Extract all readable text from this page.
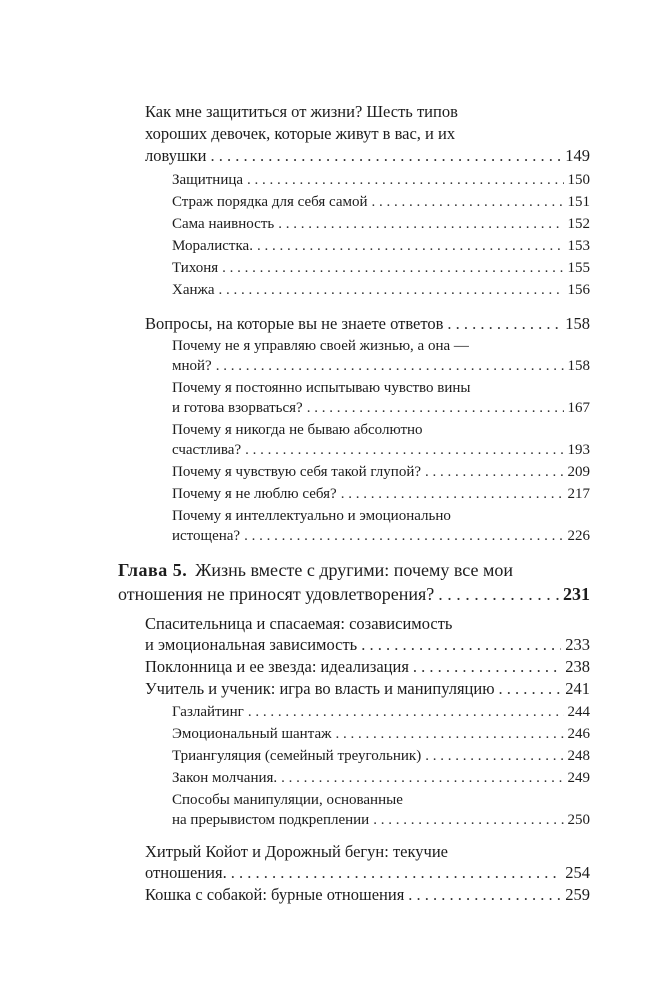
Как мне защититься от жизни? Шесть типов
хороших девочек, которые живут в вас, и их
ловушки . . .	149
Защитница . . .	150
Страж порядка для себя самой . . .	151
Сама наивность . . .	152
Моралистка. . . .	153
Тихоня . . .	155
Ханжа . . .	156
Вопросы, на которые вы не знаете ответов . . .	158
Почему не я управляю своей жизнью, а она —
мной? . . .	158
Почему я постоянно испытываю чувство вины
и готова взорваться? . . .	167
Почему я никогда не бываю абсолютно
счастлива? . . .	193
Почему я чувствую себя такой глупой? . . .	209
Почему я не люблю себя? . . .	217
Почему я интеллектуально и эмоционально
истощена? . . .	226
Глава 5. Жизнь вместе с другими: почему все мои
отношения не приносят удовлетворения? . . .	231
Спасительница и спасаемая: созависимость
и эмоциональная зависимость . . .	233
Поклонница и ее звезда: идеализация . . .	238
Учитель и ученик: игра во власть и манипуляцию . . .	241
Газлайтинг . . .	244
Эмоциональный шантаж . . .	246
Триангуляция (семейный треугольник) . . .	248
Закон молчания. . . .	249
Способы манипуляции, основанные
на прерывистом подкреплении . . .	250
Хитрый Койот и Дорожный бегун: текучие
отношения. . . .	254
Кошка с собакой: бурные отношения . . .	259
